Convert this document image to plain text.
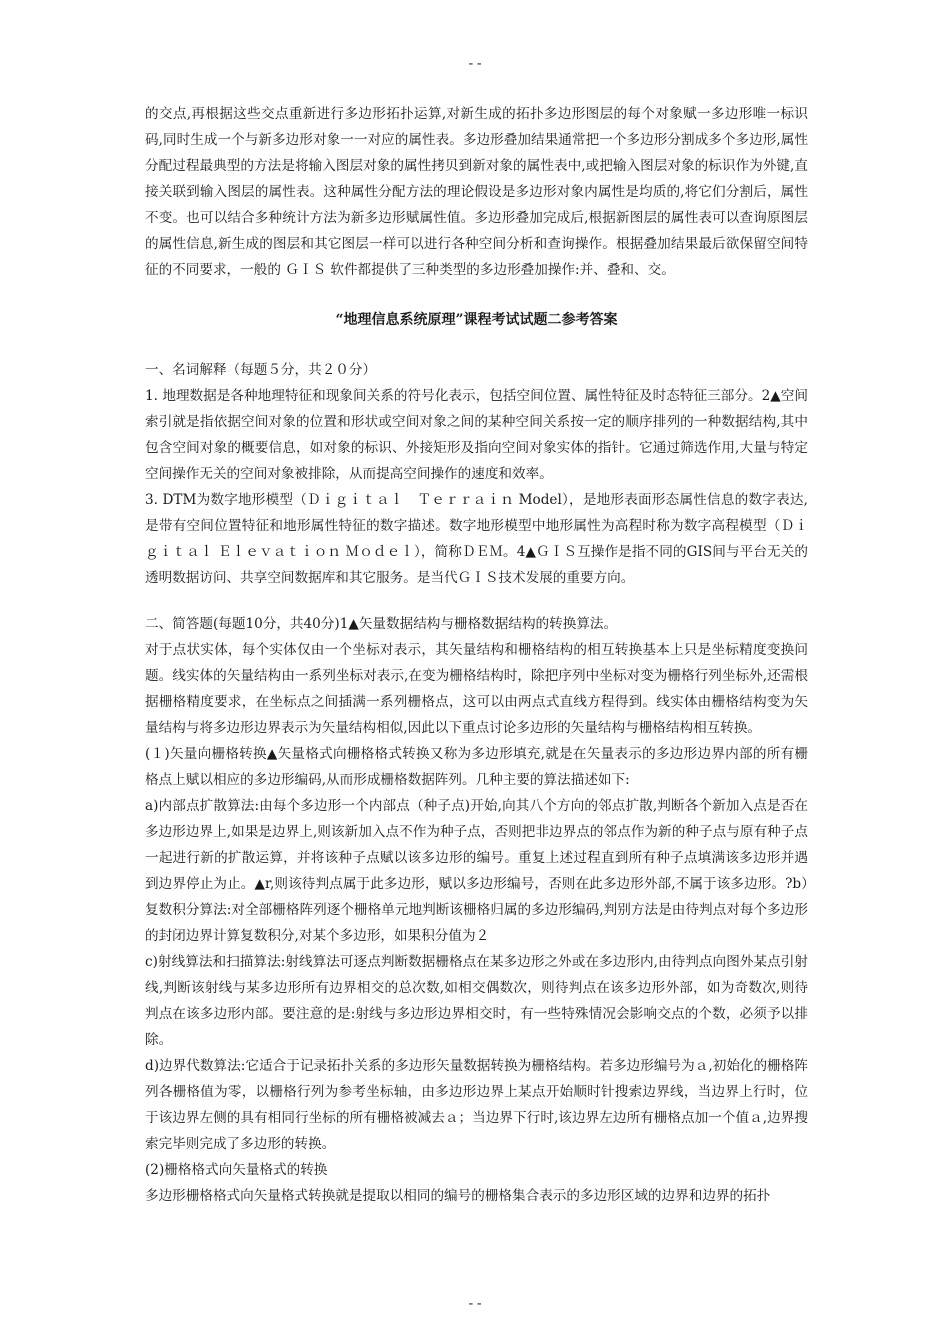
--

的交点,再根据这些交点重新进行多边形拓扑运算,对新生成的拓扑多边形图层的每个对象赋一多边形唯一标识码,同时生成一个与新多边形对象一一对应的属性表。多边形叠加结果通常把一个多边形分割成多个多边形,属性分配过程最典型的方法是将输入图层对象的属性拷贝到新对象的属性表中,或把输入图层对象的标识作为外键,直接关联到输入图层的属性表。这种属性分配方法的理论假设是多边形对象内属性是均质的,将它们分割后，属性不变。也可以结合多种统计方法为新多边形赋属性值。多边形叠加完成后,根据新图层的属性表可以查询原图层的属性信息,新生成的图层和其它图层一样可以进行各种空间分析和查询操作。根据叠加结果最后欲保留空间特征的不同要求，一般的 ＧＩＳ 软件都提供了三种类型的多边形叠加操作:并、叠和、交。

“地理信息系统原理”课程考试试题二参考答案

一、名词解释（每题５分，共２０分）

1. 地理数据是各种地理特征和现象间关系的符号化表示，包括空间位置、属性特征及时态特征三部分。2▲空间索引就是指依据空间对象的位置和形状或空间对象之间的某种空间关系按一定的顺序排列的一种数据结构,其中包含空间对象的概要信息，如对象的标识、外接矩形及指向空间对象实体的指针。它通过筛选作用,大量与特定空间操作无关的空间对象被排除，从而提高空间操作的速度和效率。

3. DTM为数字地形模型（Ｄｉｇｉｔａｌ　Ｔｅｒｒａｉｎ Model），是地形表面形态属性信息的数字表达,是带有空间位置特征和地形属性特征的数字描述。数字地形模型中地形属性为高程时称为数字高程模型（Ｄｉｇｉｔａｌ Ｅｌｅｖａｔｉｏｎ Ｍｏｄｅｌ），简称ＤＥＭ。4▲ＧＩＳ互操作是指不同的GIS间与平台无关的透明数据访问、共享空间数据库和其它服务。是当代ＧＩＳ技术发展的重要方向。

二、简答题(每题10分，共40分)1▲矢量数据结构与栅格数据结构的转换算法。

对于点状实体，每个实体仅由一个坐标对表示，其矢量结构和栅格结构的相互转换基本上只是坐标精度变换问题。线实体的矢量结构由一系列坐标对表示,在变为栅格结构时，除把序列中坐标对变为栅格行列坐标外,还需根据栅格精度要求，在坐标点之间插满一系列栅格点，这可以由两点式直线方程得到。线实体由栅格结构变为矢量结构与将多边形边界表示为矢量结构相似,因此以下重点讨论多边形的矢量结构与栅格结构相互转换。

(１)矢量向栅格转换▲矢量格式向栅格格式转换又称为多边形填充,就是在矢量表示的多边形边界内部的所有栅格点上赋以相应的多边形编码,从而形成栅格数据阵列。几种主要的算法描述如下:

a)内部点扩散算法:由每个多边形一个内部点（种子点)开始,向其八个方向的邻点扩散,判断各个新加入点是否在多边形边界上,如果是边界上,则该新加入点不作为种子点，否则把非边界点的邻点作为新的种子点与原有种子点一起进行新的扩散运算，并将该种子点赋以该多边形的编号。重复上述过程直到所有种子点填满该多边形并遇到边界停止为止。▲r,则该待判点属于此多边形，赋以多边形编号，否则在此多边形外部,不属于该多边形。?b）复数积分算法:对全部栅格阵列逐个栅格单元地判断该栅格归属的多边形编码,判别方法是由待判点对每个多边形的封闭边界计算复数积分,对某个多边形，如果积分值为２

c)射线算法和扫描算法:射线算法可逐点判断数据栅格点在某多边形之外或在多边形内,由待判点向图外某点引射线,判断该射线与某多边形所有边界相交的总次数,如相交偶数次，则待判点在该多边形外部，如为奇数次,则待判点在该多边形内部。要注意的是:射线与多边形边界相交时，有一些特殊情况会影响交点的个数，必须予以排除。

d)边界代数算法:它适合于记录拓扑关系的多边形矢量数据转换为栅格结构。若多边形编号为ａ,初始化的栅格阵列各栅格值为零，以栅格行列为参考坐标轴，由多边形边界上某点开始顺时针搜索边界线，当边界上行时，位于该边界左侧的具有相同行坐标的所有栅格被减去ａ；当边界下行时,该边界左边所有栅格点加一个值ａ,边界搜索完毕则完成了多边形的转换。

(2)栅格格式向矢量格式的转换

多边形栅格格式向矢量格式转换就是提取以相同的编号的栅格集合表示的多边形区域的边界和边界的拓扑

--
